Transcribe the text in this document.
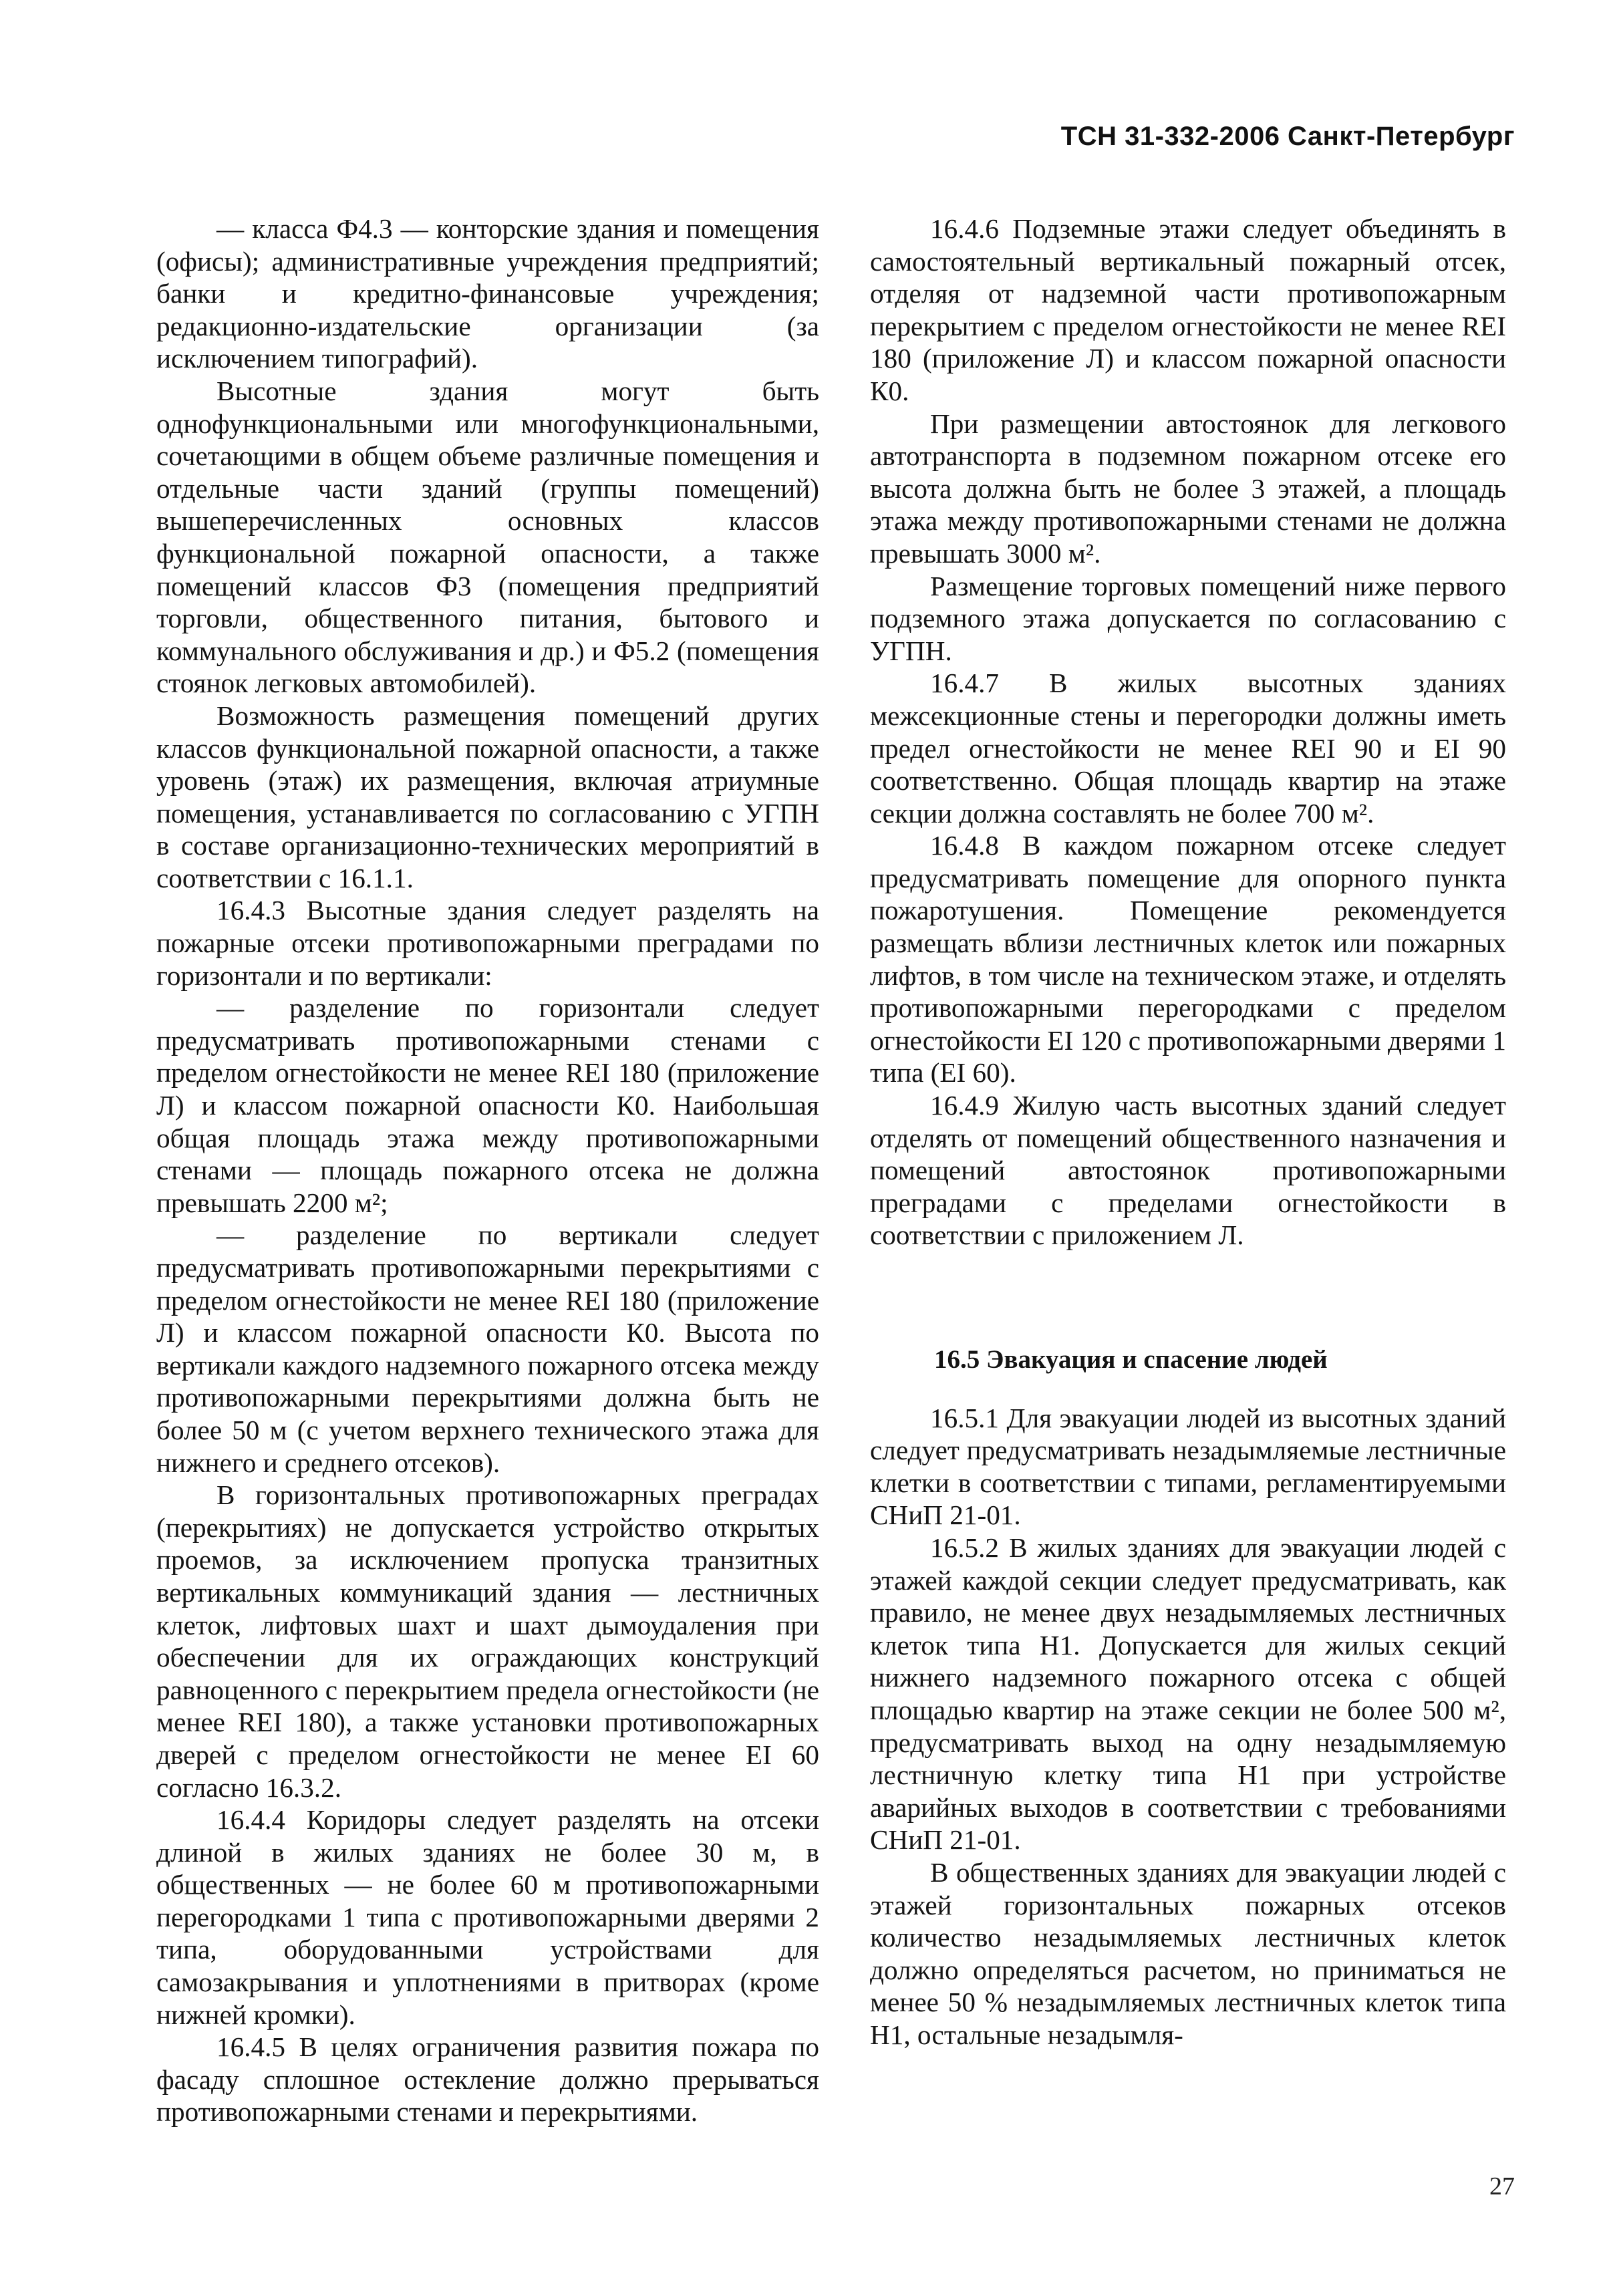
ТСН 31-332-2006 Санкт-Петербург

— класса Ф4.3 — конторские здания и помещения (офисы); административные учреждения предприятий; банки и кредитно-финансовые учреждения; редакционно-издательские организации (за исключением типографий).

Высотные здания могут быть однофункциональными или многофункциональными, сочетающими в общем объеме различные помещения и отдельные части зданий (группы помещений) вышеперечисленных основных классов функциональной пожарной опасности, а также помещений классов Ф3 (помещения предприятий торговли, общественного питания, бытового и коммунального обслуживания и др.) и Ф5.2 (помещения стоянок легковых автомобилей).

Возможность размещения помещений других классов функциональной пожарной опасности, а также уровень (этаж) их размещения, включая атриумные помещения, устанавливается по согласованию с УГПН в составе организационно-технических мероприятий в соответствии с 16.1.1.

16.4.3 Высотные здания следует разделять на пожарные отсеки противопожарными преградами по горизонтали и по вертикали:

— разделение по горизонтали следует предусматривать противопожарными стенами с пределом огнестойкости не менее REI 180 (приложение Л) и классом пожарной опасности К0. Наибольшая общая площадь этажа между противопожарными стенами — площадь пожарного отсека не должна превышать 2200 м²;

— разделение по вертикали следует предусматривать противопожарными перекрытиями с пределом огнестойкости не менее REI 180 (приложение Л) и классом пожарной опасности К0. Высота по вертикали каждого надземного пожарного отсека между противопожарными перекрытиями должна быть не более 50 м (с учетом верхнего технического этажа для нижнего и среднего отсеков).

В горизонтальных противопожарных преградах (перекрытиях) не допускается устройство открытых проемов, за исключением пропуска транзитных вертикальных коммуникаций здания — лестничных клеток, лифтовых шахт и шахт дымоудаления при обеспечении для их ограждающих конструкций равноценного с перекрытием предела огнестойкости (не менее REI 180), а также установки противопожарных дверей с пределом огнестойкости не менее EI 60 согласно 16.3.2.

16.4.4 Коридоры следует разделять на отсеки длиной в жилых зданиях не более 30 м, в общественных — не более 60 м противопожарными перегородками 1 типа с противопожарными дверями 2 типа, оборудованными устройствами для самозакрывания и уплотнениями в притворах (кроме нижней кромки).

16.4.5 В целях ограничения развития пожара по фасаду сплошное остекление должно прерываться противопожарными стенами и перекрытиями.

16.4.6 Подземные этажи следует объединять в самостоятельный вертикальный пожарный отсек, отделяя от надземной части противопожарным перекрытием с пределом огнестойкости не менее REI 180 (приложение Л) и классом пожарной опасности К0.

При размещении автостоянок для легкового автотранспорта в подземном пожарном отсеке его высота должна быть не более 3 этажей, а площадь этажа между противопожарными стенами не должна превышать 3000 м².

Размещение торговых помещений ниже первого подземного этажа допускается по согласованию с УГПН.

16.4.7 В жилых высотных зданиях межсекционные стены и перегородки должны иметь предел огнестойкости не менее REI 90 и EI 90 соответственно. Общая площадь квартир на этаже секции должна составлять не более 700 м².

16.4.8 В каждом пожарном отсеке следует предусматривать помещение для опорного пункта пожаротушения. Помещение рекомендуется размещать вблизи лестничных клеток или пожарных лифтов, в том числе на техническом этаже, и отделять противопожарными перегородками с пределом огнестойкости EI 120 с противопожарными дверями 1 типа (EI 60).

16.4.9 Жилую часть высотных зданий следует отделять от помещений общественного назначения и помещений автостоянок противопожарными преградами с пределами огнестойкости в соответствии с приложением Л.

16.5 Эвакуация и спасение людей

16.5.1 Для эвакуации людей из высотных зданий следует предусматривать незадымляемые лестничные клетки в соответствии с типами, регламентируемыми СНиП 21-01.

16.5.2 В жилых зданиях для эвакуации людей с этажей каждой секции следует предусматривать, как правило, не менее двух незадымляемых лестничных клеток типа Н1. Допускается для жилых секций нижнего надземного пожарного отсека с общей площадью квартир на этаже секции не более 500 м², предусматривать выход на одну незадымляемую лестничную клетку типа Н1 при устройстве аварийных выходов в соответствии с требованиями СНиП 21-01.

В общественных зданиях для эвакуации людей с этажей горизонтальных пожарных отсеков количество незадымляемых лестничных клеток должно определяться расчетом, но приниматься не менее 50 % незадымляемых лестничных клеток типа Н1, остальные незадымля-

27
